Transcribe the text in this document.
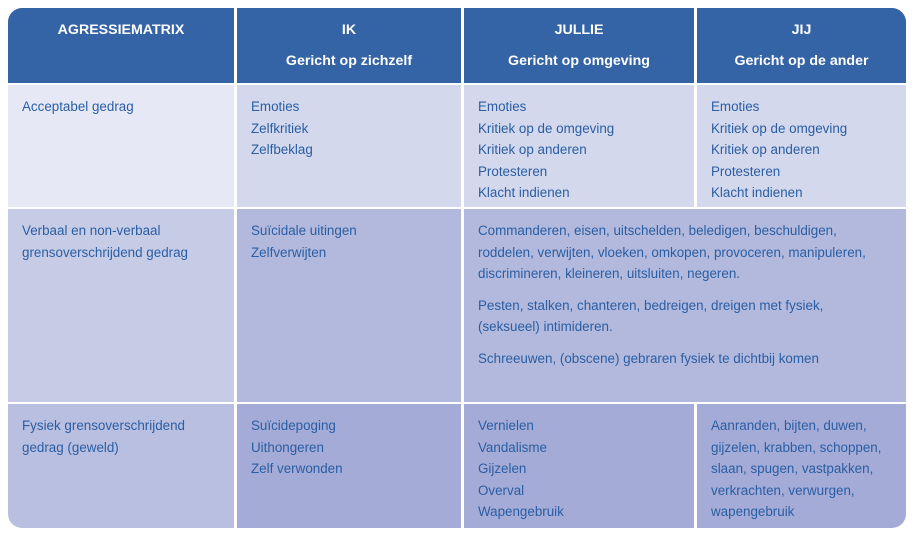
AGRESSIEMATRIX	IK
Gericht op zichzelf
JULLIE
Gericht op omgeving
JIJ
Gericht op de ander
Acceptabel gedrag	Emoties
Zelfkritiek
Zelfbeklag
Emoties
Kritiek op de omgeving
Kritiek op anderen
Protesteren
Klacht indienen
Emoties
Kritiek op de omgeving
Kritiek op anderen
Protesteren
Klacht indienen
Verbaal en non-verbaal
grensoverschrijdend gedrag
Suïcidale uitingen
Zelfverwijten
Commanderen, eisen, uitschelden, beledigen, beschuldigen,
roddelen, verwijten, vloeken, omkopen, provoceren, manipuleren,
discrimineren, kleineren, uitsluiten, negeren.
Pesten, stalken, chanteren, bedreigen, dreigen met fysiek,
(seksueel) intimideren.
Schreeuwen, (obscene) gebraren fysiek te dichtbij komen
Fysiek grensoverschrijdend
gedrag (geweld)
Suïcidepoging
Uithongeren
Zelf verwonden
Vernielen
Vandalisme
Gijzelen
Overval
Wapengebruik
Aanranden, bijten, duwen,
gijzelen, krabben, schoppen,
slaan, spugen, vastpakken,
verkrachten, verwurgen,
wapengebruik
